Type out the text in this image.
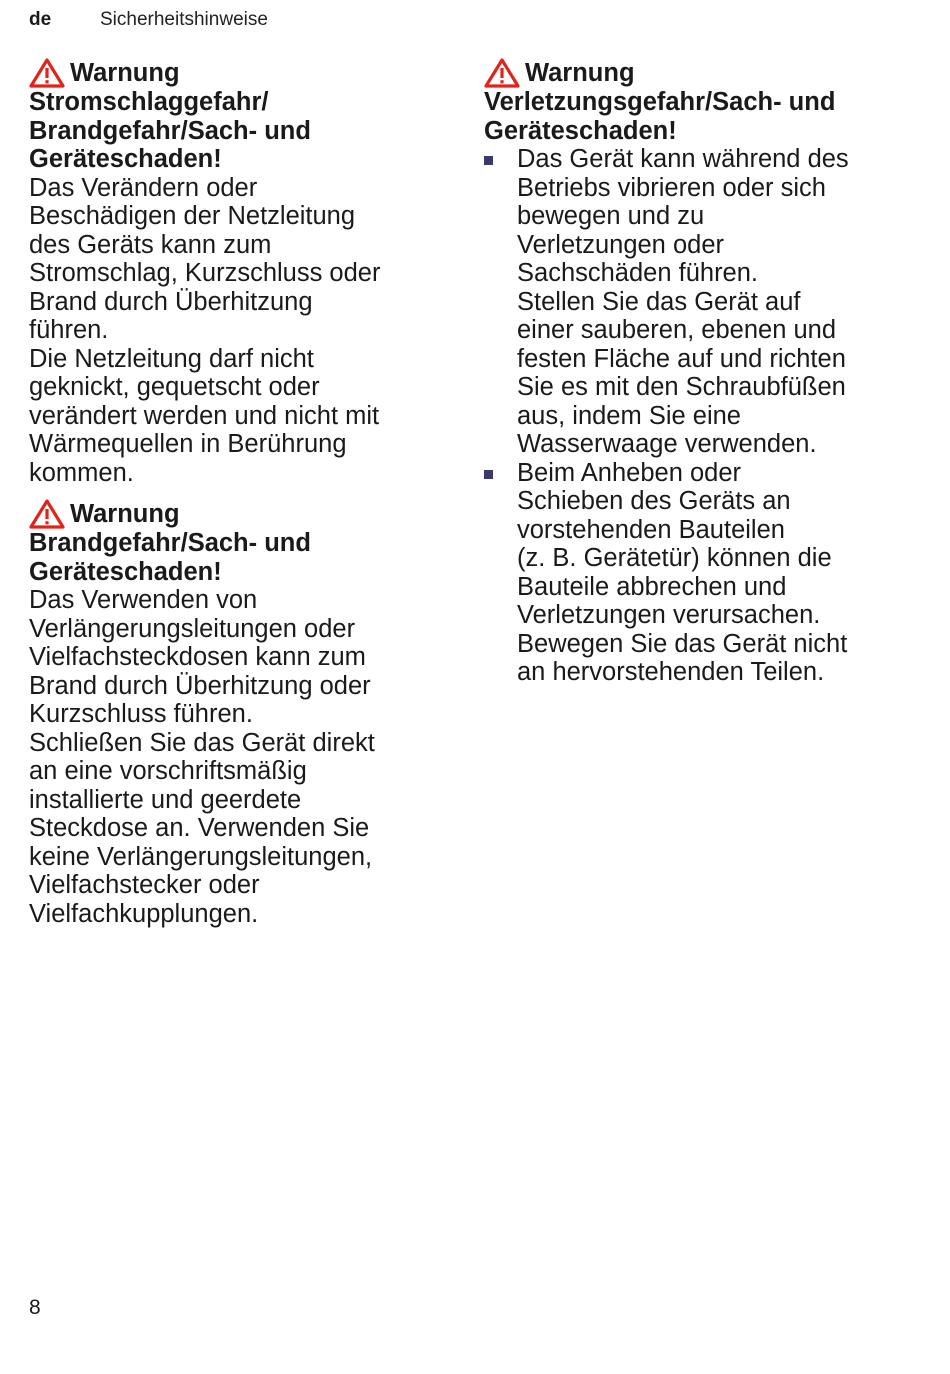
de	Sicherheitshinweise
Warnung
Stromschlaggefahr/
Brandgefahr/Sach- und
Geräteschaden!

Das Verändern oder
Beschädigen der Netzleitung
des Geräts kann zum
Stromschlag, Kurzschluss oder
Brand durch Überhitzung
führen.

Die Netzleitung darf nicht
geknickt, gequetscht oder
verändert werden und nicht mit
Wärmequellen in Berührung
kommen.

Warnung
Brandgefahr/Sach- und
Geräteschaden!

Das Verwenden von
Verlängerungsleitungen oder
Vielfachsteckdosen kann zum
Brand durch Überhitzung oder
Kurzschluss führen.

Schließen Sie das Gerät direkt
an eine vorschriftsmäßig
installierte und geerdete
Steckdose an. Verwenden Sie
keine Verlängerungsleitungen,
Vielfachstecker oder
Vielfachkupplungen.

Warnung
Verletzungsgefahr/Sach- und
Geräteschaden!
Das Gerät kann während des
Betriebs vibrieren oder sich
bewegen und zu
Verletzungen oder
Sachschäden führen.
Stellen Sie das Gerät auf
einer sauberen, ebenen und
festen Fläche auf und richten
Sie es mit den Schraubfüßen
aus, indem Sie eine
Wasserwaage verwenden.
Beim Anheben oder
Schieben des Geräts an
vorstehenden Bauteilen
(z. B. Gerätetür) können die
Bauteile abbrechen und
Verletzungen verursachen.
Bewegen Sie das Gerät nicht
an hervorstehenden Teilen.
8
